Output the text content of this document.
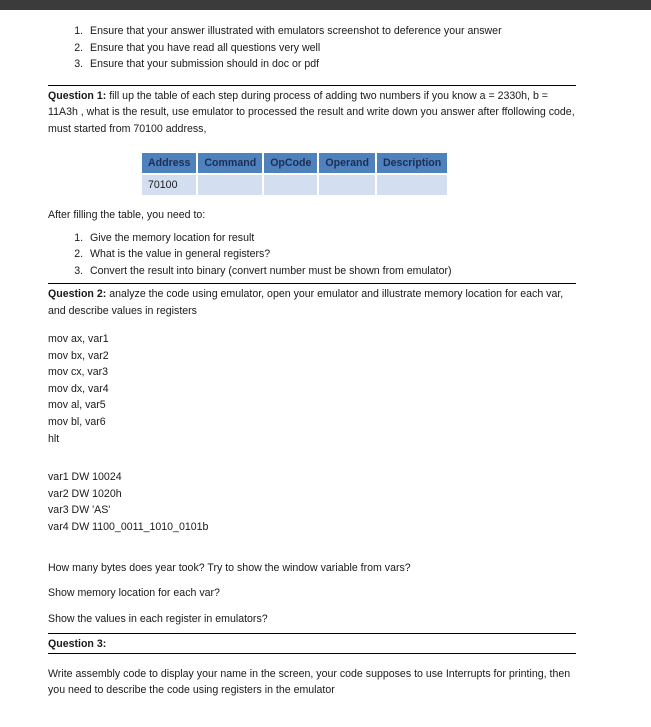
1. Ensure that your answer illustrated with emulators screenshot to deference your answer
2. Ensure that you have read all questions very well
3. Ensure that your submission should in doc or pdf
Question 1: fill up the table of each step during process of adding two numbers if you know a = 2330h, b = 11A3h , what is the result, use emulator to processed the result and write down you answer after ffollowing code, must started from 70100 address,
Address	Command	OpCode	Operand	Description
70100				
After filling the table, you need to:
1. Give the memory location for result
2. What is the value in general registers?
3. Convert the result into binary (convert number must be shown from emulator)
Question 2: analyze the code using emulator, open your emulator and illustrate memory location for each var, and describe values in registers
mov ax, var1
mov bx, var2
mov cx, var3
mov dx, var4
mov al, var5
mov bl, var6
hlt
var1 DW 10024
var2 DW 1020h
var3 DW 'AS'
var4 DW 1100_0011_1010_0101b
How many bytes does year took? Try to show the window variable from vars?
Show memory location for each var?
Show the values in each register in emulators?
Question 3:
Write assembly code to display your name in the screen, your code supposes to use Interrupts for printing, then you need to describe the code using registers in the emulator
